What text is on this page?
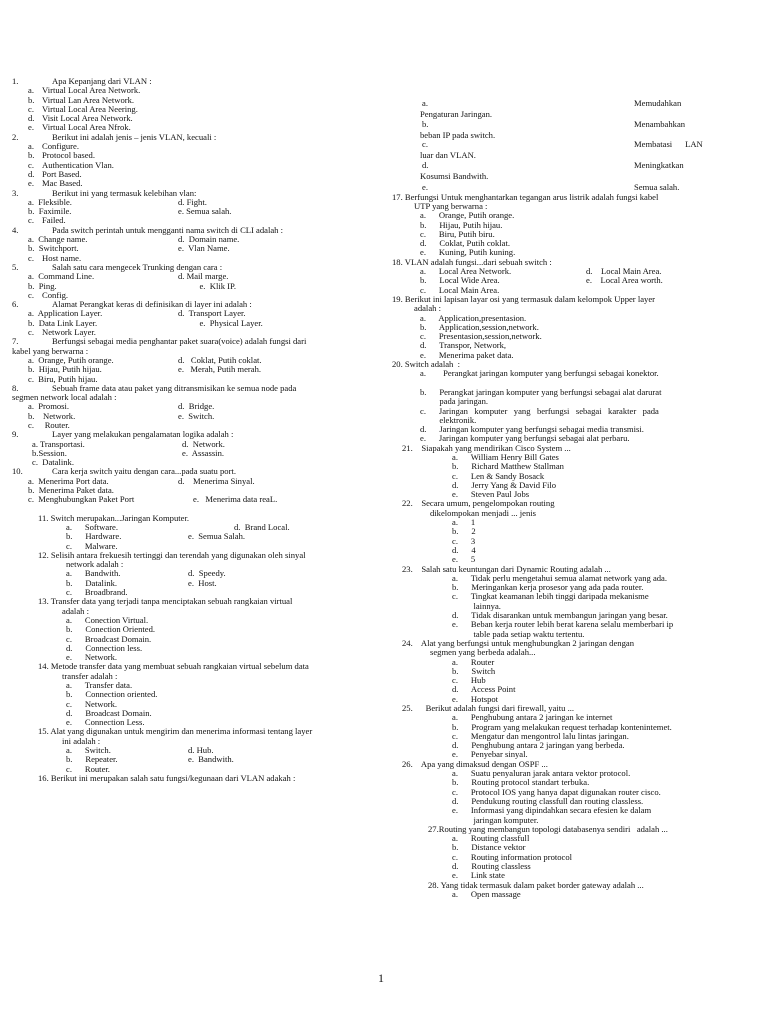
1.	Apa Kepanjang dari VLAN :
a. Virtual Local Area Network.
b. Virtual Lan Area Network.
c. Virtual Local Area Neering.
d. Visit Local Area Network.
e. Virtual Local Area Nfrok.
2.	Berikut ini adalah jenis – jenis VLAN, kecuali :
a. Configure.
b. Protocol based.
c. Authentication Vlan.
d. Port Based.
e. Mac Based.
3.	Berikut ini yang termasuk kelebihan vlan:
a.  Fleksible.	d. Fight.
b.  Faximile.	e. Semua salah.
c. Failed.
4.	Pada switch perintah untuk mengganti nama switch di CLI adalah :
a.  Change name.	d.  Domain name.
b.  Switchport.	e.  Vlan Name.
c. Host name.
5.	Salah satu cara mengecek Trunking dengan cara :
a.  Command Line.	d. Mail marge.
b.  Ping.	e.  Klik IP.
c. Config.
6.	Alamat Perangkat keras di definisikan di layer ini adalah :
a.  Application Layer.	d.  Transport Layer.
b.  Data Link Layer.	e.  Physical Layer.
c. Network Layer.
7.	Berfungsi sebagai media penghantar paket suara(voice) adalah fungsi dari
kabel yang berwarna :
a.  Orange, Putih orange.	d.   Coklat, Putih coklat.
b.  Hijau, Putih hijau.	e.   Merah, Putih merah.
c.  Biru, Putih hijau.
8.	Sebuah frame data atau paket yang ditransmisikan ke semua node pada
segmen network local adalah :
a.  Promosi.	d.  Bridge.
b.    Network.	e.  Switch.
c.     Router.
9.	Layer yang melakukan pengalamatan logika adalah :
a. Transportasi.	d.  Network.
b.Session.	e.  Assassin.
c.  Datalink.
10.	Cara kerja switch yaitu dengan cara...pada suatu port.
a.  Menerima Port data.	d.    Menerima Sinyal.
b.  Menerima Paket data.
c.  Menghubungkan Paket Port	e.   Menerima data reaL.
11. Switch merupakan...Jaringan Komputer.
a.      Software.	d.  Brand Local.
b.      Hardware.	e.  Semua Salah.
c.      Malware.
12. Selisih antara frekuesih tertinggi dan terendah yang digunakan oleh sinyal
network adalah :
a.      Bandwith.	d.  Speedy.
b.      Datalink.	e.  Host.
c.      Broadbrand.
13. Transfer data yang terjadi tanpa menciptakan sebuah rangkaian virtual
adalah :
a.      Conection Virtual.
b.      Conection Oriented.
c.      Broadcast Domain.
d.      Connection less.
e.      Network.
14. Metode transfer data yang membuat sebuah rangkaian virtual sebelum data
transfer adalah :
a.      Transfer data.
b.      Connection oriented.
c.      Network.
d.      Broadcast Domain.
e.      Connection Less.
15. Alat yang digunakan untuk mengirim dan menerima informasi tentang layer
ini adalah :
a.      Switch.	d. Hub.
b.      Repeater.	e.  Bandwith.
c.      Router.
16. Berikut ini merupakan salah satu fungsi/kegunaan dari VLAN adakah :
a.	Memudahkan
Pengaturan Jaringan.
b.	Menambahkan
beban IP pada switch.
c.	Membatasi      LAN
luar dan VLAN.
d.	Meningkatkan
Kosumsi Bandwith.
e.	Semua salah.
17. Berfungsi Untuk menghantarkan tegangan arus listrik adalah fungsi kabel
UTP yang berwarna :
a.      Orange, Putih orange.
b.      Hijau, Putih hijau.
c.      Biru, Putih biru.
d.      Coklat, Putih coklat.
e.      Kuning, Putih kuning.
18. VLAN adalah fungsi...dari sebuah switch :
a.      Local Area Network.	d.    Local Main Area.
b.      Local Wide Area.	e.    Local Area worth.
c.      Local Main Area.
19. Berikut ini lapisan layar osi yang termasuk dalam kelompok Upper layer
adalah :
a.      Application,presentasion.
b.      Application,session,network.
c.      Presentasion,session,network.
d.      Transpor, Network,
e.      Menerima paket data.
20. Switch adalah  :
a.        Perangkat jaringan komputer yang berfungsi sebagai konektor.

b.      Perangkat jaringan komputer yang berfungsi sebagai alat darurat
pada jaringan.
c.      Jaringan   komputer   yang   berfungsi   sebagai   karakter   pada
elektronik.
d.      Jaringan komputer yang berfungsi sebagai media transmisi.
e.      Jaringan komputer yang berfungsi sebagai alat perbaru.
21.    Siapakah yang mendirikan Cisco System ...
a.      William Henry Bill Gates
b.      Richard Matthew Stallman
c.      Len & Sandy Bosack
d.      Jerry Yang & David Filo
e.      Steven Paul Jobs
22.    Secara umum, pengelompokan routing
dikelompokan menjadi ... jenis
a.      1
b.      2
c.      3
d.      4
e.      5
23.    Salah satu keuntungan dari Dynamic Routing adalah ...
a.      Tidak perlu mengetahui semua alamat network yang ada.
b.      Meringankan kerja prosesor yang ada pada router.
c.      Tingkat keamanan lebih tinggi daripada mekanisme
lainnya.
d.      Tidak disarankan untuk membangun jaringan yang besar.
e.      Beban kerja router lebih berat karena selalu memberbari ip
table pada setiap waktu tertentu.
24.    Alat yang berfungsi untuk menghubungkan 2 jaringan dengan
segmen yang berbeda adalah...
a.      Router
b.      Switch
c.      Hub
d.      Access Point
e.      Hotspot
25.      Berikut adalah fungsi dari firewall, yaitu ...
a.      Penghubung antara 2 jaringan ke internet
b.      Program yang melakukan request terhadap kontenintemet.
c.      Mengatur dan mengontrol lalu lintas jaringan.
d.      Penghubung antara 2 jaringan yang berbeda.
e.      Penyebar sinyal.
26.    Apa yang dimaksud dengan OSPF ...
a.      Suatu penyaluran jarak antara vektor protocol.
b.      Routing protocol standart terbuka.
c.      Protocol IOS yang hanya dapat digunakan router cisco.
d.      Pendukung routing classfull dan routing classless.
e.      Informasi yang dipindahkan secara efesien ke dalam
jaringan komputer.
27.Routing yang membangun topologi databasenya sendiri   adalah ...
a.      Routing classfull
b.      Distance vektor
c.      Routing information protocol
d.      Routing classless
e.      Link state
28. Yang tidak termasuk dalam paket border gateway adalah ...
a.      Open massage
1
